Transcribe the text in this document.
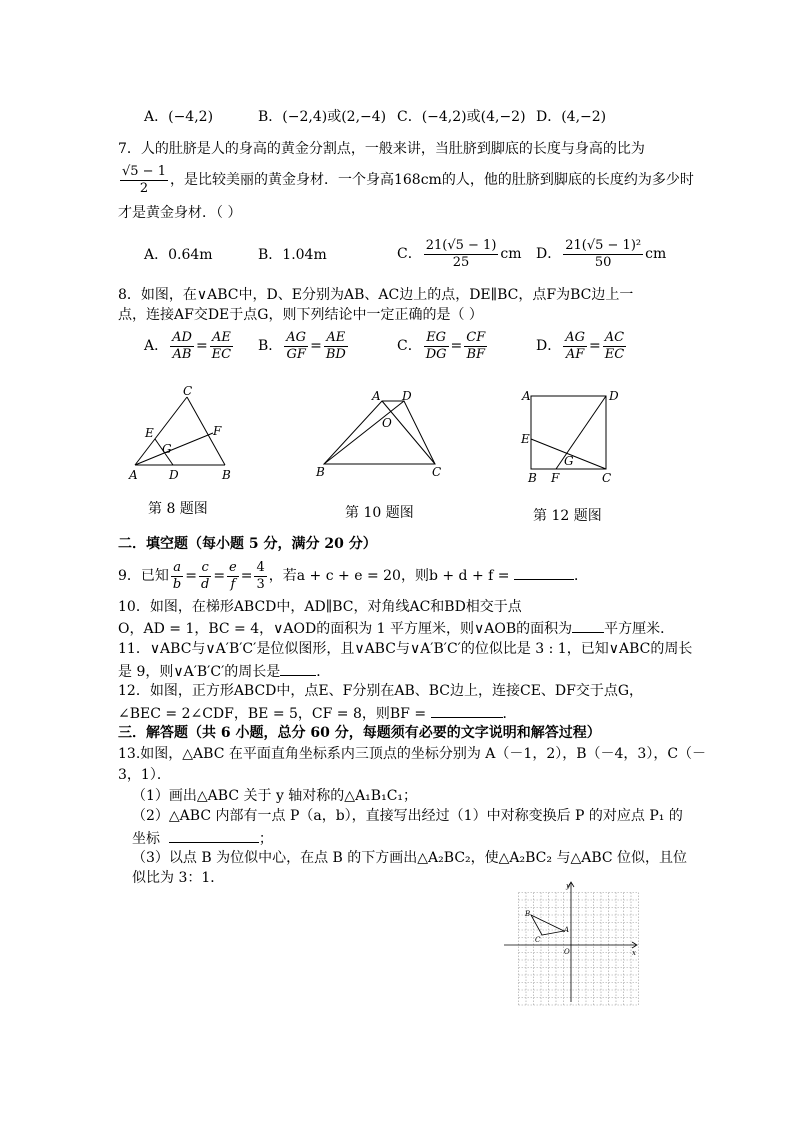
A．(−4,2)	B．(−2,4)或(2,−4) C．(−4,2)或(4,−2) D．(4,−2)
7．人的肚脐是人的身高的黄金分割点，一般来讲，当肚脐到脚底的长度与身高的比为
$\frac{√5 - 1}{2}$ ，是比较美丽的黄金身材．一个身高168cm的人，他的肚脐到脚底的长度约为多少时
才是黄金身材．（ ）
A．0.64m	B．1.04m	C． $\frac{21(√5 - 1)}{25}$ cm D． $\frac{\text{21(√5 − 1)²}}{50}$ cm
8．如图，在∨ABC中，D、E分别为AB、AC边上的点，DE∥BC，点F为BC边上一
点，连接AF交DE于点G，则下列结论中一定正确的是（ ）
A． $\frac{AD}{AB} = \frac{AE}{EC}$ B． $\frac{AG}{GF} = \frac{AE}{BD}$	C． $\frac{EG}{DG} = \frac{CF}{BF}$	D． $\frac{AG}{AF} = \frac{AC}{EC}$
C
E
G
F
A	D	B
第 8 题图
A D
O
B	C
第 10 题图
A	D
E
G
B F	C
第 12 题图
二．填空题（每小题 5 分，满分 20 分）
9．已知 $\frac{a}{b} = \frac{c}{d} = \frac{e}{f} = \frac{4}{3}$ ，若a + c + e = 20，则b + d + f =	．
10．如图，在梯形ABCD中，AD∥BC，对角线AC和BD相交于点
O，AD = 1，BC = 4，∨AOD的面积为 1 平方厘米，则∨AOB的面积为 平方厘米．
11．∨ABC与∨A′B′C′是位似图形，且∨ABC与∨A′B′C′的位似比是 3 : 1，已知∨ABC的周长
是 9，则∨A′B′C′的周长是	．
12．如图，正方形ABCD中，点E、F分别在AB、BC边上，连接CE、DF交于点G，
∠BEC = 2∠CDF，BE = 5，CF = 8，则BF =	．
三．解答题（共 6 小题，总分 60 分，每题须有必要的文字说明和解答过程）
13.如图，△ABC 在平面直角坐标系内三顶点的坐标分别为 A（－1，2），B（－4，3），C（－
3，1）．
（1）画出△ABC 关于 y 轴对称的△A₁B₁C₁；
（2）△ABC 内部有一点 P（a，b），直接写出经过（1）中对称变换后 P 的对应点 P₁ 的
坐标	；
（3）以点 B 为位似中心，在点 B 的下方画出△A₂BC₂，使△A₂BC₂ 与△ABC 位似，且位
似比为 3：1．	y
x
O
B
A
C
